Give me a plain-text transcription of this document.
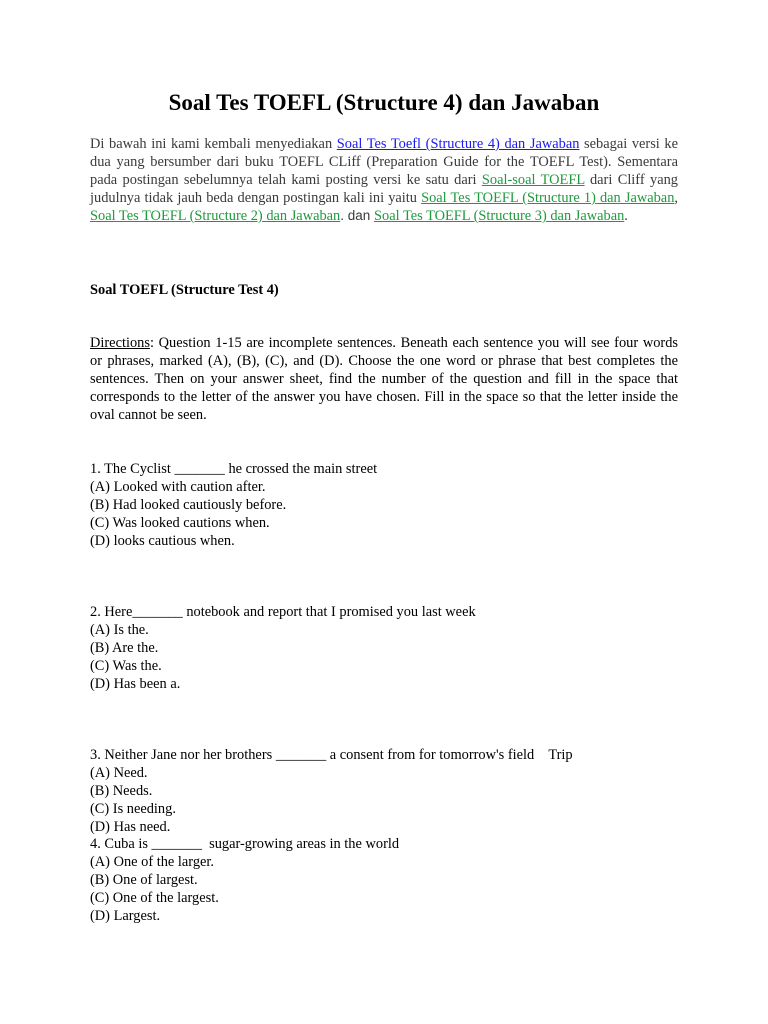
Soal Tes TOEFL (Structure 4) dan Jawaban

Di bawah ini kami kembali menyediakan Soal Tes Toefl (Structure 4) dan Jawaban sebagai versi ke dua yang bersumber dari buku TOEFL CLiff (Preparation Guide for the TOEFL Test). Sementara pada postingan sebelumnya telah kami posting versi ke satu dari Soal-soal TOEFL dari Cliff yang judulnya tidak jauh beda dengan postingan kali ini yaitu Soal Tes TOEFL (Structure 1) dan Jawaban, Soal Tes TOEFL (Structure 2) dan Jawaban. dan Soal Tes TOEFL (Structure 3) dan Jawaban.

Soal TOEFL (Structure Test 4)

Directions: Question 1-15 are incomplete sentences. Beneath each sentence you will see four words or phrases, marked (A), (B), (C), and (D). Choose the one word or phrase that best completes the sentences. Then on your answer sheet, find the number of the question and fill in the space that corresponds to the letter of the answer you have chosen. Fill in the space so that the letter inside the oval cannot be seen.

1. The Cyclist _______ he crossed the main street

(A) Looked with caution after.

(B) Had looked cautiously before.

(C) Was looked cautions when.

(D) looks cautious when.

2. Here_______ notebook and report that I promised you last week

(A) Is the.

(B) Are the.

(C) Was the.

(D) Has been a.

3. Neither Jane nor her brothers _______ a consent from for tomorrow's field    Trip

(A) Need.

(B) Needs.

(C) Is needing.

(D) Has need.

4. Cuba is _______  sugar-growing areas in the world

(A) One of the larger.

(B) One of largest.

(C) One of the largest.

(D) Largest.
